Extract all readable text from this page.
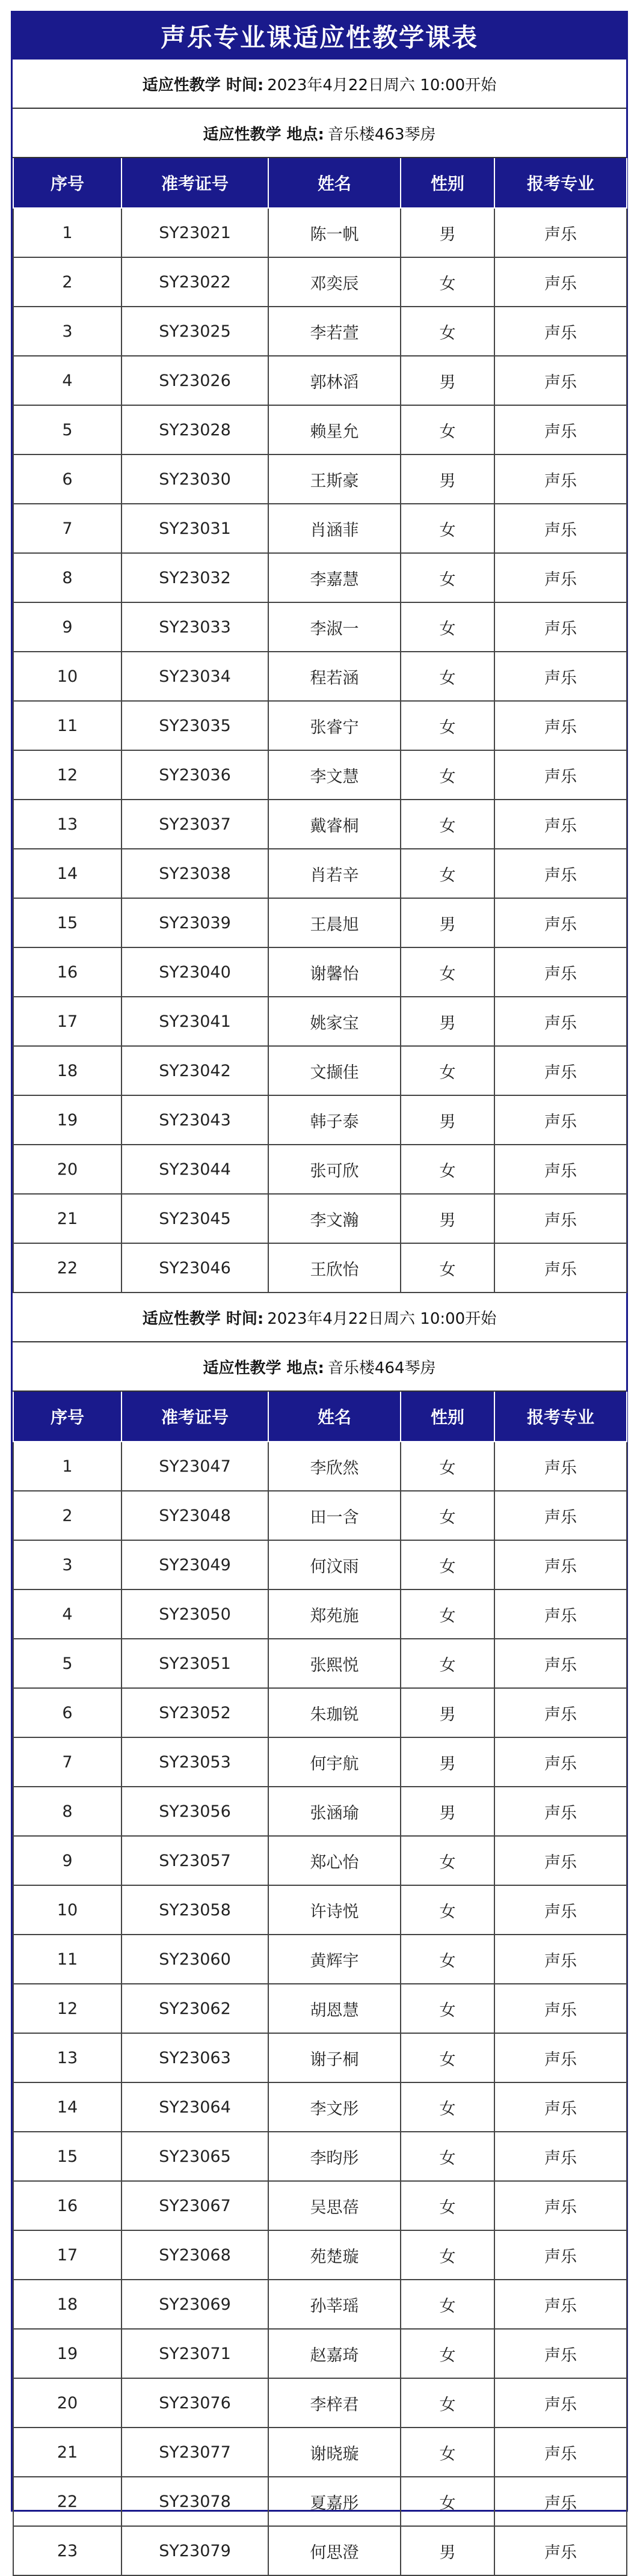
声乐专业课适应性教学课表
适应性教学 时间: 2023年4月22日周六 10:00开始
适应性教学 地点: 音乐楼463琴房
序号	准考证号	姓名	性别	报考专业
1	SY23021	陈一帆	男	声乐
2	SY23022	邓奕辰	女	声乐
3	SY23025	李若萱	女	声乐
4	SY23026	郭林滔	男	声乐
5	SY23028	赖星允	女	声乐
6	SY23030	王斯豪	男	声乐
7	SY23031	肖涵菲	女	声乐
8	SY23032	李嘉慧	女	声乐
9	SY23033	李淑一	女	声乐
10	SY23034	程若涵	女	声乐
11	SY23035	张睿宁	女	声乐
12	SY23036	李文慧	女	声乐
13	SY23037	戴睿桐	女	声乐
14	SY23038	肖若辛	女	声乐
15	SY23039	王晨旭	男	声乐
16	SY23040	谢馨怡	女	声乐
17	SY23041	姚家宝	男	声乐
18	SY23042	文撷佳	女	声乐
19	SY23043	韩子泰	男	声乐
20	SY23044	张可欣	女	声乐
21	SY23045	李文瀚	男	声乐
22	SY23046	王欣怡	女	声乐
适应性教学 时间: 2023年4月22日周六 10:00开始
适应性教学 地点: 音乐楼464琴房
序号	准考证号	姓名	性别	报考专业
1	SY23047	李欣然	女	声乐
2	SY23048	田一含	女	声乐
3	SY23049	何汶雨	女	声乐
4	SY23050	郑苑施	女	声乐
5	SY23051	张熙悦	女	声乐
6	SY23052	朱珈锐	男	声乐
7	SY23053	何宇航	男	声乐
8	SY23056	张涵瑜	男	声乐
9	SY23057	郑心怡	女	声乐
10	SY23058	许诗悦	女	声乐
11	SY23060	黄辉宇	女	声乐
12	SY23062	胡恩慧	女	声乐
13	SY23063	谢子桐	女	声乐
14	SY23064	李文彤	女	声乐
15	SY23065	李昀彤	女	声乐
16	SY23067	吴思蓓	女	声乐
17	SY23068	苑楚璇	女	声乐
18	SY23069	孙莘瑶	女	声乐
19	SY23071	赵嘉琦	女	声乐
20	SY23076	李梓君	女	声乐
21	SY23077	谢晓璇	女	声乐
22	SY23078	夏嘉彤	女	声乐
23	SY23079	何思澄	男	声乐
